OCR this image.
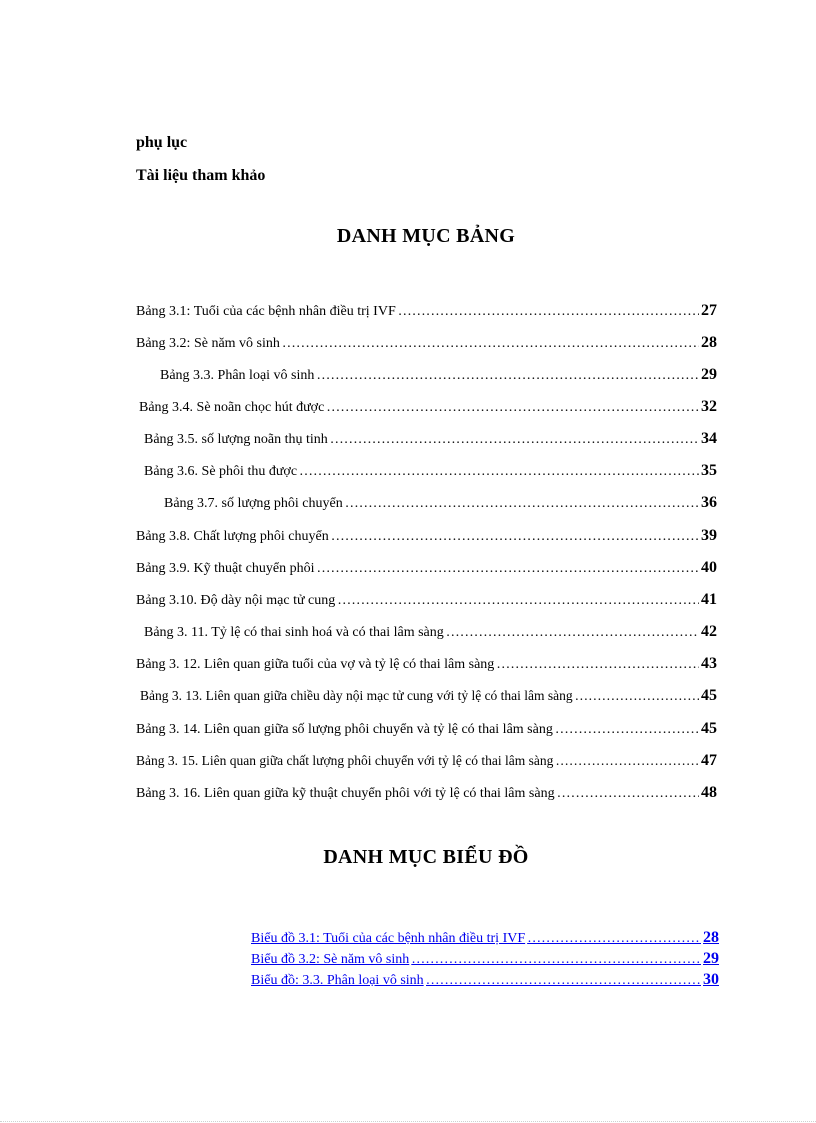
phụ lục
Tài liệu tham khảo
DANH MỤC BẢNG
Bảng 3.1: Tuổi của các bệnh nhân điều trị IVF ……………………………………………………………………………………………………………………………………………………………………………………………………	27
Bảng 3.2: Sè năm vô sinh ……………………………………………………………………………………………………………………………………………………………………………………………………	28
Bảng 3.3. Phân loại vô sinh ……………………………………………………………………………………………………………………………………………………………………………………………………	29
Bảng 3.4. Sè noãn chọc hút được ……………………………………………………………………………………………………………………………………………………………………………………………………	32
Bảng 3.5. số lượng noãn thụ tinh ……………………………………………………………………………………………………………………………………………………………………………………………………	34
Bảng 3.6. Sè phôi thu được ……………………………………………………………………………………………………………………………………………………………………………………………………	35
Bảng 3.7. số lượng phôi chuyển ……………………………………………………………………………………………………………………………………………………………………………………………………	36
Bảng 3.8. Chất lượng phôi chuyển ……………………………………………………………………………………………………………………………………………………………………………………………………	39
Bảng 3.9. Kỹ thuật chuyển phôi ……………………………………………………………………………………………………………………………………………………………………………………………………	40
Bảng 3.10. Độ dày nội mạc tử cung ……………………………………………………………………………………………………………………………………………………………………………………………………	41
Bảng 3. 11. Tỷ lệ có thai sinh hoá và có thai lâm sàng ……………………………………………………………………………………………………………………………………………………………………………………………………	42
Bảng 3. 12. Liên quan giữa tuổi của vợ và tỷ lệ có thai lâm sàng ……………………………………………………………………………………………………………………………………………………………………………………………………	43
Bảng 3. 13. Liên quan giữa chiều dày nội mạc tử cung với tỷ lệ có thai lâm sàng ……………………………………………………………………………………………………………………………………………………………………………………………………	45
Bảng 3. 14. Liên quan giữa số lượng phôi chuyển và tỷ lệ có thai lâm sàng ……………………………………………………………………………………………………………………………………………………………………………………………………	45
Bảng 3. 15. Liên quan giữa chất lượng phôi chuyển với tỷ lệ có thai lâm sàng ……………………………………………………………………………………………………………………………………………………………………………………………………	47
Bảng 3. 16. Liên quan giữa kỹ thuật chuyển phôi với tỷ lệ có thai lâm sàng ……………………………………………………………………………………………………………………………………………………………………………………………………	48
DANH MỤC BIỂU ĐỒ
Biểu đồ 3.1: Tuổi của các bệnh nhân điều trị IVF ……………………………………………………………………………………………………………………………………………………………………………………………………	28
Biểu đồ 3.2: Sè năm vô sinh ……………………………………………………………………………………………………………………………………………………………………………………………………	29
Biểu đồ: 3.3. Phân loại vô sinh ……………………………………………………………………………………………………………………………………………………………………………………………………	30
